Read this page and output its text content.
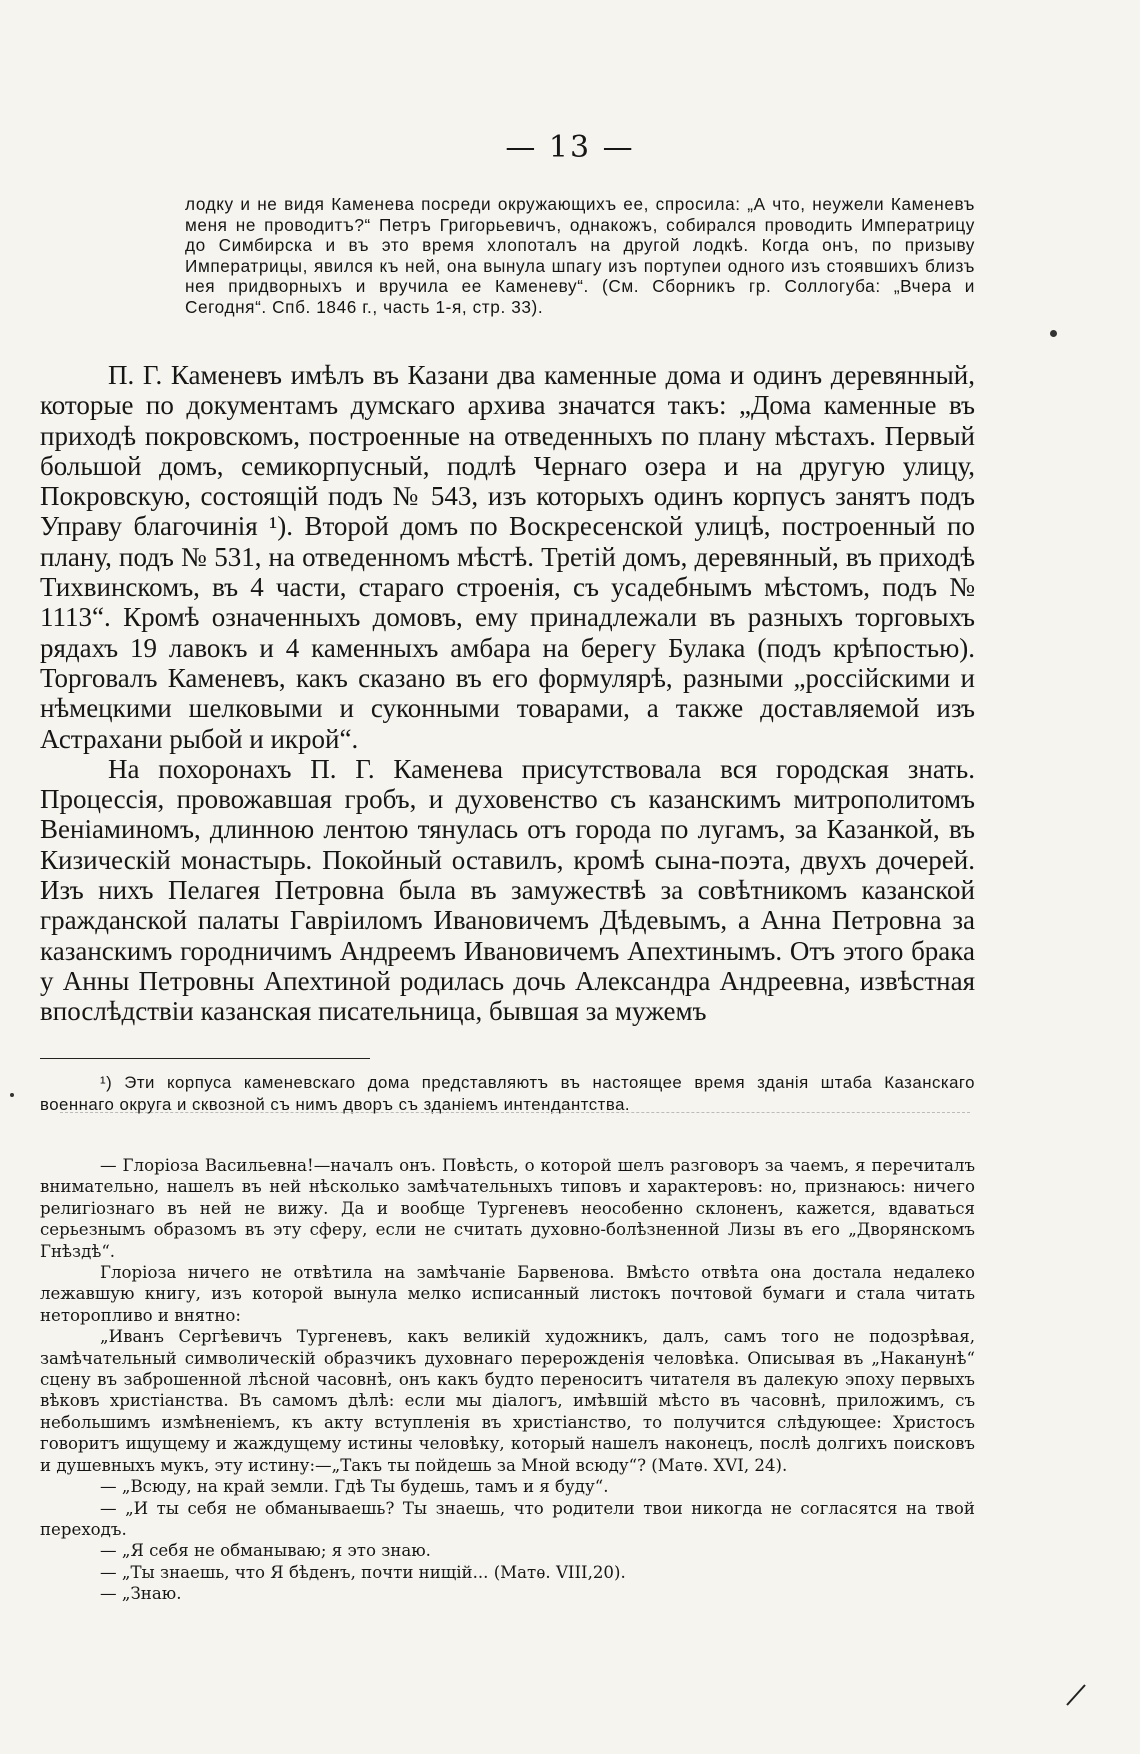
— 13 —
лодку и не видя Каменева посреди окружающихъ ее, спросила: „А что, неужели Каменевъ меня не проводитъ?“ Петръ Григорьевичъ, однакожъ, собирался проводить Императрицу до Симбирска и въ это время хлопоталъ на другой лодкѣ. Когда онъ, по призыву Императрицы, явился къ ней, она вынула шпагу изъ портупеи одного изъ стоявшихъ близъ нея придворныхъ и вручила ее Каменеву“. (См. Сборникъ гр. Соллогуба: „Вчера и Сегодня“. Спб. 1846 г., часть 1-я, стр. 33).

П. Г. Каменевъ имѣлъ въ Казани два каменные дома и одинъ деревянный, которые по документамъ думскаго архива значатся такъ: „Дома каменные въ приходѣ покровскомъ, построенные на отведенныхъ по плану мѣстахъ. Первый большой домъ, семикорпусный, подлѣ Чернаго озера и на другую улицу, Покровскую, состоящій подъ № 543, изъ которыхъ одинъ корпусъ занятъ подъ Управу благочинія ¹). Второй домъ по Воскресенской улицѣ, построенный по плану, подъ № 531, на отведенномъ мѣстѣ. Третій домъ, деревянный, въ приходѣ Тихвинскомъ, въ 4 части, стараго строенія, съ усадебнымъ мѣстомъ, подъ № 1113“. Кромѣ означенныхъ домовъ, ему принадлежали въ разныхъ торговыхъ рядахъ 19 лавокъ и 4 каменныхъ амбара на берегу Булака (подъ крѣпостью). Торговалъ Каменевъ, какъ сказано въ его формулярѣ, разными „россійскими и нѣмецкими шелковыми и суконными товарами, а также доставляемой изъ Астрахани рыбой и икрой“.

На похоронахъ П. Г. Каменева присутствовала вся городская знать. Процессія, провожавшая гробъ, и духовенство съ казанскимъ митрополитомъ Веніаминомъ, длинною лентою тянулась отъ города по лугамъ, за Казанкой, въ Кизическій монастырь. Покойный оставилъ, кромѣ сына-поэта, двухъ дочерей. Изъ нихъ Пелагея Петровна была въ замужествѣ за совѣтникомъ казанской гражданской палаты Гавріиломъ Ивановичемъ Дѣдевымъ, а Анна Петровна за казанскимъ городничимъ Андреемъ Ивановичемъ Апехтинымъ. Отъ этого брака у Анны Петровны Апехтиной родилась дочь Александра Андреевна, извѣстная впослѣдствіи казанская писательница, бывшая за мужемъ

¹) Эти корпуса каменевскаго дома представляютъ въ настоящее время зданія штаба Казанскаго военнаго округа и сквозной съ нимъ дворъ съ зданіемъ интендантства.

— Глоріоза Васильевна!—началъ онъ. Повѣсть, о которой шелъ разговоръ за чаемъ, я перечиталъ внимательно, нашелъ въ ней нѣсколько замѣчательныхъ типовъ и характеровъ: но, признаюсь: ничего религіознаго въ ней не вижу. Да и вообще Тургеневъ неособенно склоненъ, кажется, вдаваться серьезнымъ образомъ въ эту сферу, если не считать духовно-болѣзненной Лизы въ его „Дворянскомъ Гнѣздѣ“.

Глоріоза ничего не отвѣтила на замѣчаніе Барвенова. Вмѣсто отвѣта она достала недалеко лежавшую книгу, изъ которой вынула мелко исписанный листокъ почтовой бумаги и стала читать неторопливо и внятно:

„Иванъ Сергѣевичъ Тургеневъ, какъ великій художникъ, далъ, самъ того не подозрѣвая, замѣчательный символическій образчикъ духовнаго перерожденія человѣка. Описывая въ „Наканунѣ“ сцену въ заброшенной лѣсной часовнѣ, онъ какъ будто переноситъ читателя въ далекую эпоху первыхъ вѣковъ христіанства. Въ самомъ дѣлѣ: если мы діалогъ, имѣвшій мѣсто въ часовнѣ, приложимъ, съ небольшимъ измѣненіемъ, къ акту вступленія въ христіанство, то получится слѣдующее: Христосъ говоритъ ищущему и жаждущему истины человѣку, который нашелъ наконецъ, послѣ долгихъ поисковъ и душевныхъ мукъ, эту истину:—„Такъ ты пойдешь за Мной всюду“? (Матѳ. XVI, 24).

— „Всюду, на край земли. Гдѣ Ты будешь, тамъ и я буду“.

— „И ты себя не обманываешь? Ты знаешь, что родители твои никогда не согласятся на твой переходъ.

— „Я себя не обманываю; я это знаю.

— „Ты знаешь, что Я бѣденъ, почти нищій... (Матѳ. VIII,20).

— „Знаю.
